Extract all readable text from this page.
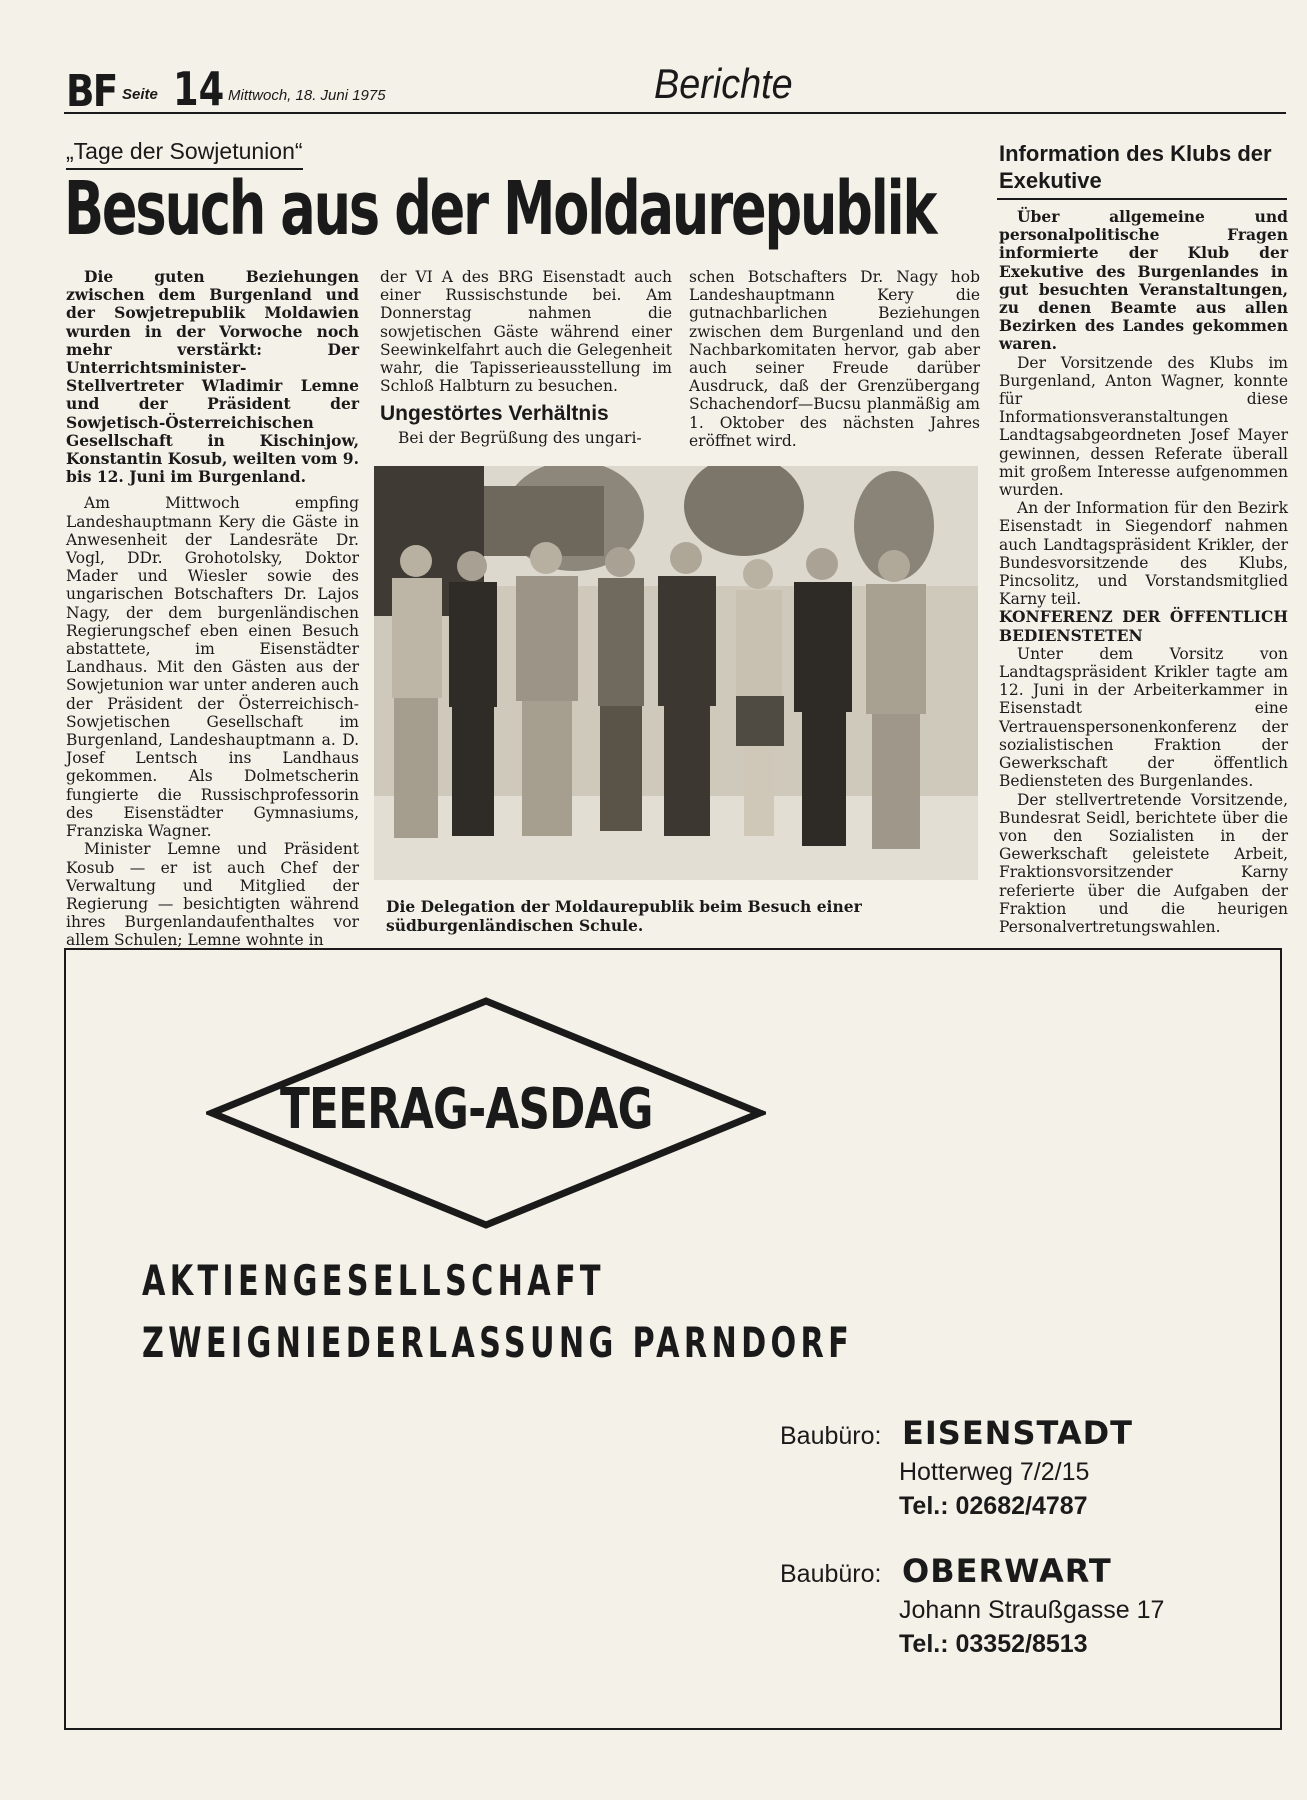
BF Seite 14 Mittwoch, 18. Juni 1975	Berichte
„Tage der Sowjetunion“
Besuch aus der Moldaurepublik

Die guten Beziehungen zwischen dem Burgenland und der Sowjetrepublik Moldawien wurden in der Vorwoche noch mehr verstärkt: Der Unterrichtsminister-Stellvertreter Wladimir Lemne und der Präsident der Sowjetisch-Österreichischen Gesellschaft in Kischinjow, Konstantin Kosub, weilten vom 9. bis 12. Juni im Burgenland.

Am Mittwoch empfing Landeshauptmann Kery die Gäste in Anwesenheit der Landesräte Dr. Vogl, DDr. Grohotolsky, Doktor Mader und Wiesler sowie des ungarischen Botschafters Dr. Lajos Nagy, der dem burgenländischen Regierungschef eben einen Besuch abstattete, im Eisenstädter Landhaus. Mit den Gästen aus der Sowjetunion war unter anderen auch der Präsident der Österreichisch-Sowjetischen Gesellschaft im Burgenland, Landeshauptmann a. D. Josef Lentsch ins Landhaus gekommen. Als Dolmetscherin fungierte die Russischprofessorin des Eisenstädter Gymnasiums, Franziska Wagner.

Minister Lemne und Präsident Kosub — er ist auch Chef der Verwaltung und Mitglied der Regierung — besichtigten während ihres Burgenlandaufenthaltes vor allem Schulen; Lemne wohnte in

der VI A des BRG Eisenstadt auch einer Russischstunde bei. Am Donnerstag nahmen die sowjetischen Gäste während einer Seewinkelfahrt auch die Gelegenheit wahr, die Tapisserieausstellung im Schloß Halbturn zu besuchen.

Ungestörtes Verhältnis

Bei der Begrüßung des ungari-

schen Botschafters Dr. Nagy hob Landeshauptmann Kery die gutnachbarlichen Beziehungen zwischen dem Burgenland und den Nachbarkomitaten hervor, gab aber auch seiner Freude darüber Ausdruck, daß der Grenzübergang Schachendorf—Bucsu planmäßig am 1. Oktober des nächsten Jahres eröffnet wird.

Die Delegation der Moldaurepublik beim Besuch einer südburgenländischen Schule.
Information des Klubs der Exekutive

Über allgemeine und personalpolitische Fragen informierte der Klub der Exekutive des Burgenlandes in gut besuchten Veranstaltungen, zu denen Beamte aus allen Bezirken des Landes gekommen waren.

Der Vorsitzende des Klubs im Burgenland, Anton Wagner, konnte für diese Informationsveranstaltungen Landtagsabgeordneten Josef Mayer gewinnen, dessen Referate überall mit großem Interesse aufgenommen wurden.

An der Information für den Bezirk Eisenstadt in Siegendorf nahmen auch Landtagspräsident Krikler, der Bundesvorsitzende des Klubs, Pincsolitz, und Vorstandsmitglied Karny teil.

KONFERENZ DER ÖFFENTLICH BEDIENSTETEN

Unter dem Vorsitz von Landtagspräsident Krikler tagte am 12. Juni in der Arbeiterkammer in Eisenstadt eine Vertrauenspersonenkonferenz der sozialistischen Fraktion der Gewerkschaft der öffentlich Bediensteten des Burgenlandes.

Der stellvertretende Vorsitzende, Bundesrat Seidl, berichtete über die von den Sozialisten in der Gewerkschaft geleistete Arbeit, Fraktionsvorsitzender Karny referierte über die Aufgaben der Fraktion und die heurigen Personalvertretungswahlen.

TEERAG-ASDAG
AKTIENGESELLSCHAFT
ZWEIGNIEDERLASSUNG PARNDORF
Baubüro: EISENSTADT
Hotterweg 7/2/15
Tel.: 02682/4787
Baubüro: OBERWART
Johann Straußgasse 17
Tel.: 03352/8513
